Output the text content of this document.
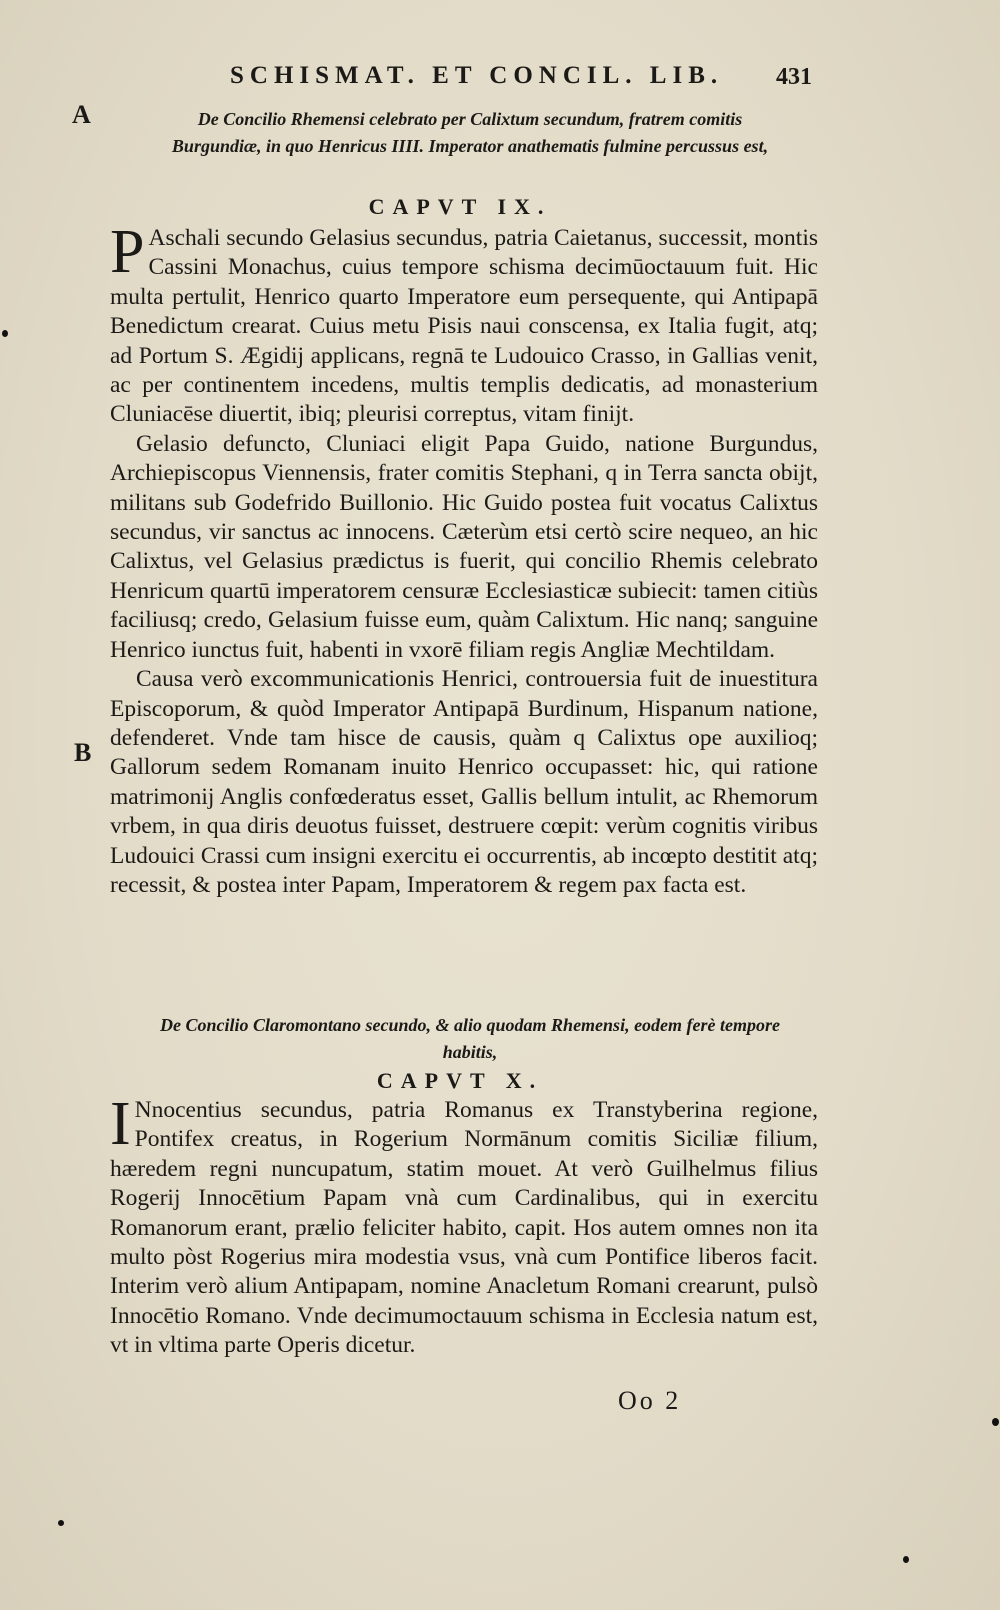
SCHISMAT. ET CONCIL. LIB. 431
A
B
De Concilio Rhemensi celebrato per Calixtum secundum, fratrem comitis Burgundiæ, in quo Henricus IIII. Imperator anathematis fulmine percussus est,
CAPVT IX.

P Aschali secundo Gelasius secundus, patria Caietanus, successit, montis Cassini Monachus, cuius tempore schisma decimūoctauum fuit. Hic multa pertulit, Henrico quarto Imperatore eum persequente, qui Antipapā Benedictum crearat. Cuius metu Pisis naui conscensa, ex Italia fugit, atq; ad Portum S. Ægidij applicans, regnā te Ludouico Crasso, in Gallias venit, ac per continentem incedens, multis templis dedicatis, ad monasterium Cluniacēse diuertit, ibiq; pleurisi correptus, vitam finijt.

Gelasio defuncto, Cluniaci eligit Papa Guido, natione Burgundus, Archiepiscopus Viennensis, frater comitis Stephani, q in Terra sancta obijt, militans sub Godefrido Buillonio. Hic Guido postea fuit vocatus Calixtus secundus, vir sanctus ac innocens. Cæterùm etsi certò scire nequeo, an hic Calixtus, vel Gelasius prædictus is fuerit, qui concilio Rhemis celebrato Henricum quartū imperatorem censuræ Ecclesiasticæ subiecit: tamen citiùs faciliusq; credo, Gelasium fuisse eum, quàm Calixtum. Hic nanq; sanguine Henrico iunctus fuit, habenti in vxorē filiam regis Angliæ Mechtildam.

Causa verò excommunicationis Henrici, controuersia fuit de inuestitura Episcoporum, & quòd Imperator Antipapā Burdinum, Hispanum natione, defenderet. Vnde tam hisce de causis, quàm q Calixtus ope auxilioq; Gallorum sedem Romanam inuito Henrico occupasset: hic, qui ratione matrimonij Anglis confœderatus esset, Gallis bellum intulit, ac Rhemorum vrbem, in qua diris deuotus fuisset, destruere cœpit: verùm cognitis viribus Ludouici Crassi cum insigni exercitu ei occurrentis, ab incœpto destitit atq; recessit, & postea inter Papam, Imperatorem & regem pax facta est.

De Concilio Claromontano secundo, & alio quodam Rhemensi, eodem ferè tempore habitis,
CAPVT X.

I Nnocentius secundus, patria Romanus ex Transtyberina regione, Pontifex creatus, in Rogerium Normānum comitis Siciliæ filium, hæredem regni nuncupatum, statim mouet. At verò Guilhelmus filius Rogerij Innocētium Papam vnà cum Cardinalibus, qui in exercitu Romanorum erant, prælio feliciter habito, capit. Hos autem omnes non ita multo pòst Rogerius mira modestia vsus, vnà cum Pontifice liberos facit. Interim verò alium Antipapam, nomine Anacletum Romani crearunt, pulsò Innocētio Romano. Vnde decimumoctauum schisma in Ecclesia natum est, vt in vltima parte Operis dicetur.

Oo 2
